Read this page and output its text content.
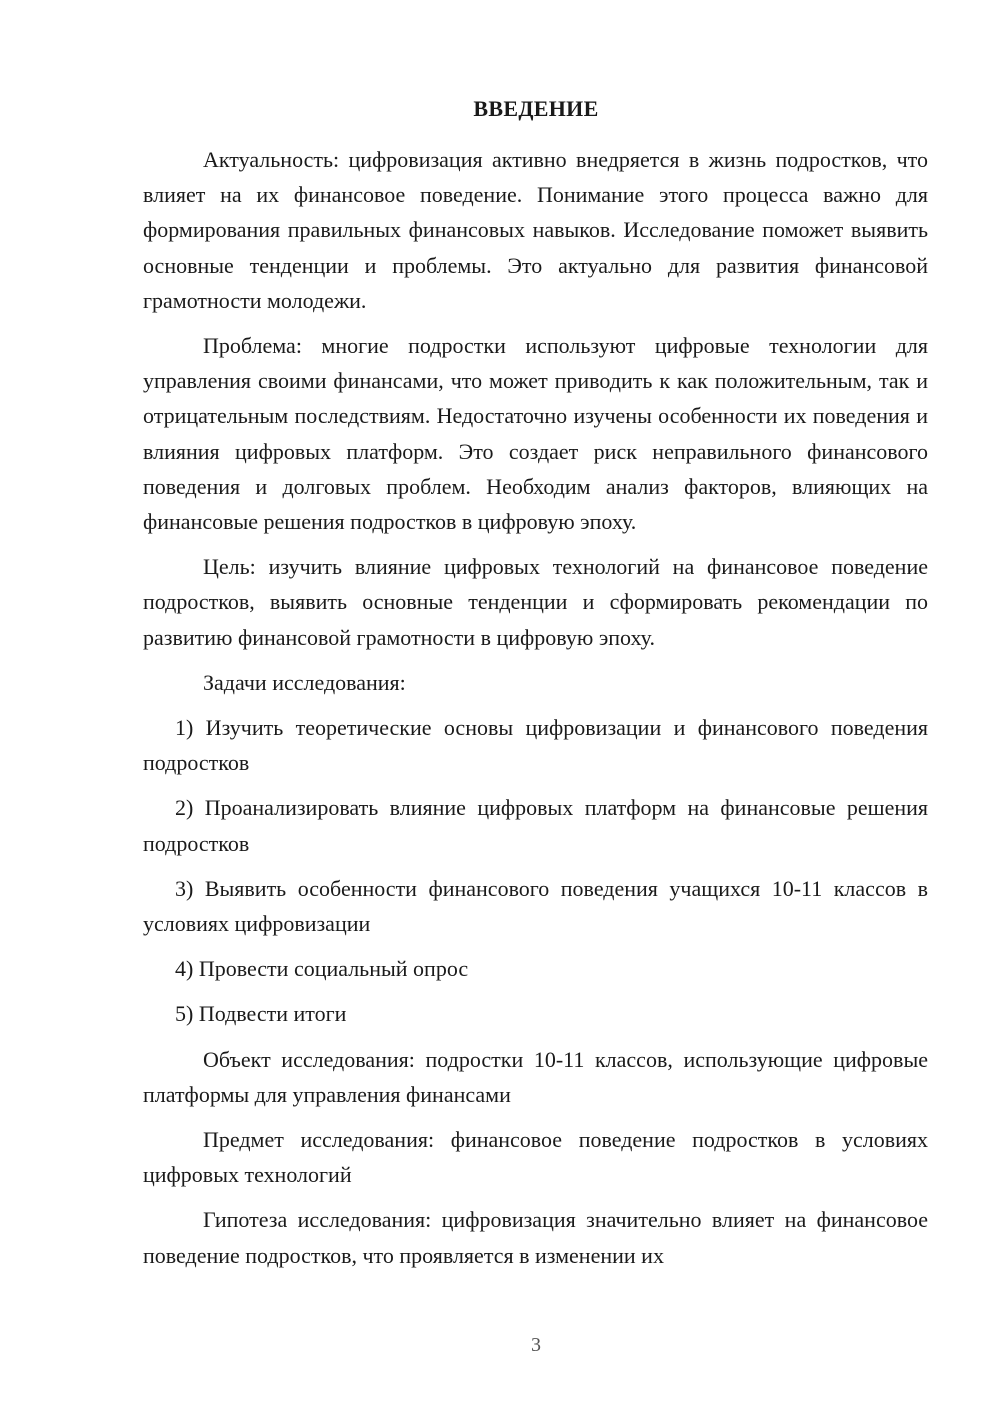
ВВЕДЕНИЕ

Актуальность: цифровизация активно внедряется в жизнь подростков, что влияет на их финансовое поведение. Понимание этого процесса важно для формирования правильных финансовых навыков. Исследование поможет выявить основные тенденции и проблемы. Это актуально для развития финансовой грамотности молодежи.

Проблема: многие подростки используют цифровые технологии для управления своими финансами, что может приводить к как положительным, так и отрицательным последствиям. Недостаточно изучены особенности их поведения и влияния цифровых платформ. Это создает риск неправильного финансового поведения и долговых проблем. Необходим анализ факторов, влияющих на финансовые решения подростков в цифровую эпоху.

Цель: изучить влияние цифровых технологий на финансовое поведение подростков, выявить основные тенденции и сформировать рекомендации по развитию финансовой грамотности в цифровую эпоху.

Задачи исследования:

1) Изучить теоретические основы цифровизации и финансового поведения подростков

2) Проанализировать влияние цифровых платформ на финансовые решения подростков

3) Выявить особенности финансового поведения учащихся 10-11 классов в условиях цифровизации

4) Провести социальный опрос

5) Подвести итоги

Объект исследования: подростки 10-11 классов, использующие цифровые платформы для управления финансами

Предмет исследования: финансовое поведение подростков в условиях цифровых технологий

Гипотеза исследования: цифровизация значительно влияет на финансовое поведение подростков, что проявляется в изменении их

3
